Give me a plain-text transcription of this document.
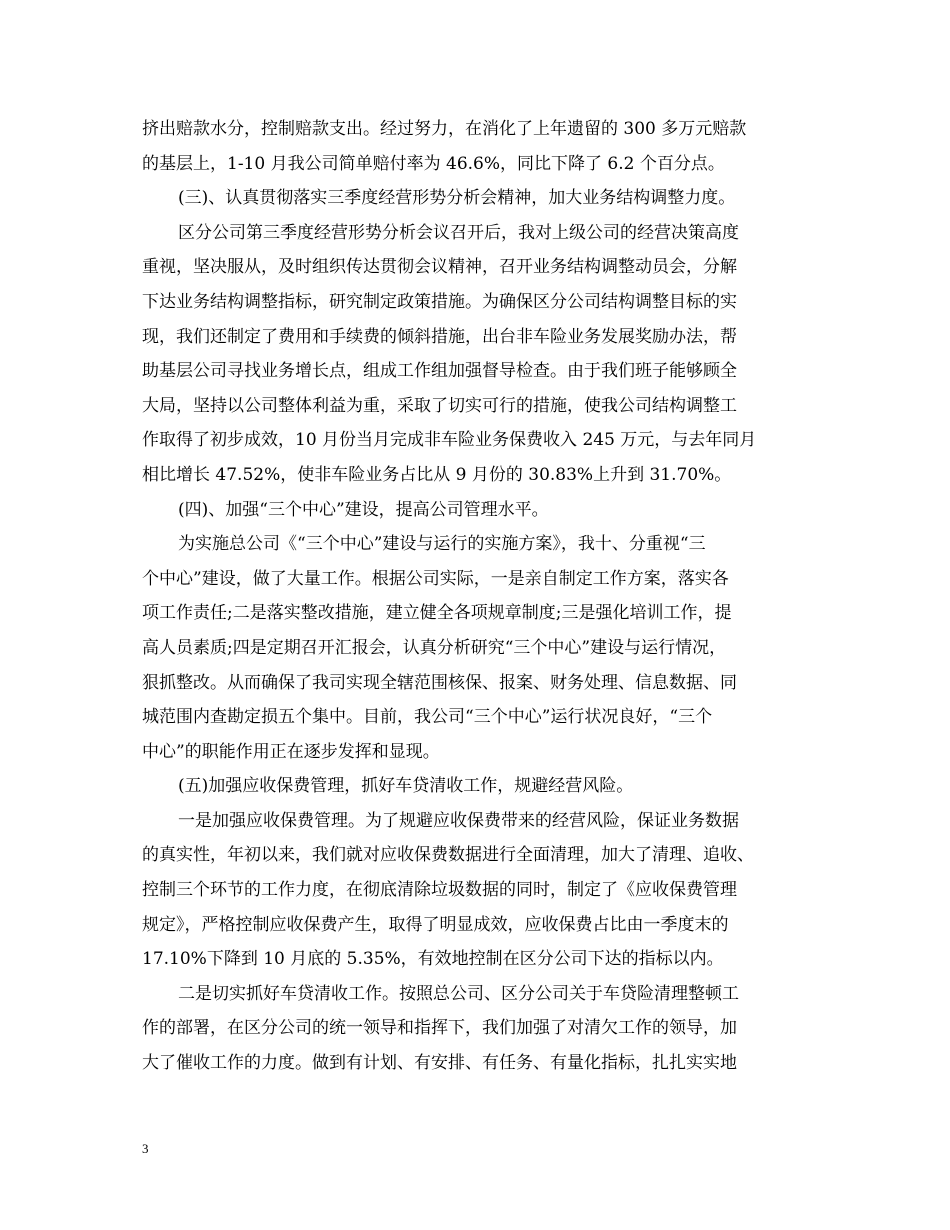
挤出赔款水分，控制赔款支出。经过努力，在消化了上年遗留的 300 多万元赔款
的基层上，1-10 月我公司简单赔付率为 46.6%，同比下降了 6.2 个百分点。
(三)、认真贯彻落实三季度经营形势分析会精神，加大业务结构调整力度。
区分公司第三季度经营形势分析会议召开后，我对上级公司的经营决策高度
重视，坚决服从，及时组织传达贯彻会议精神，召开业务结构调整动员会，分解
下达业务结构调整指标，研究制定政策措施。为确保区分公司结构调整目标的实
现，我们还制定了费用和手续费的倾斜措施，出台非车险业务发展奖励办法，帮
助基层公司寻找业务增长点，组成工作组加强督导检查。由于我们班子能够顾全
大局，坚持以公司整体利益为重，采取了切实可行的措施，使我公司结构调整工
作取得了初步成效，10 月份当月完成非车险业务保费收入 245 万元，与去年同月
相比增长 47.52%，使非车险业务占比从 9 月份的 30.83%上升到 31.70%。
(四)、加强“三个中心”建设，提高公司管理水平。
为实施总公司《“三个中心”建设与运行的实施方案》，我十、分重视“三
个中心”建设，做了大量工作。根据公司实际，一是亲自制定工作方案，落实各
项工作责任;二是落实整改措施，建立健全各项规章制度;三是强化培训工作，提
高人员素质;四是定期召开汇报会，认真分析研究“三个中心”建设与运行情况，
狠抓整改。从而确保了我司实现全辖范围核保、报案、财务处理、信息数据、同
城范围内查勘定损五个集中。目前，我公司“三个中心”运行状况良好，“三个
中心”的职能作用正在逐步发挥和显现。
(五)加强应收保费管理，抓好车贷清收工作，规避经营风险。
一是加强应收保费管理。为了规避应收保费带来的经营风险，保证业务数据
的真实性，年初以来，我们就对应收保费数据进行全面清理，加大了清理、追收、
控制三个环节的工作力度，在彻底清除垃圾数据的同时，制定了《应收保费管理
规定》，严格控制应收保费产生，取得了明显成效，应收保费占比由一季度末的
17.10%下降到 10 月底的 5.35%，有效地控制在区分公司下达的指标以内。
二是切实抓好车贷清收工作。按照总公司、区分公司关于车贷险清理整顿工
作的部署，在区分公司的统一领导和指挥下，我们加强了对清欠工作的领导，加
大了催收工作的力度。做到有计划、有安排、有任务、有量化指标，扎扎实实地
3
